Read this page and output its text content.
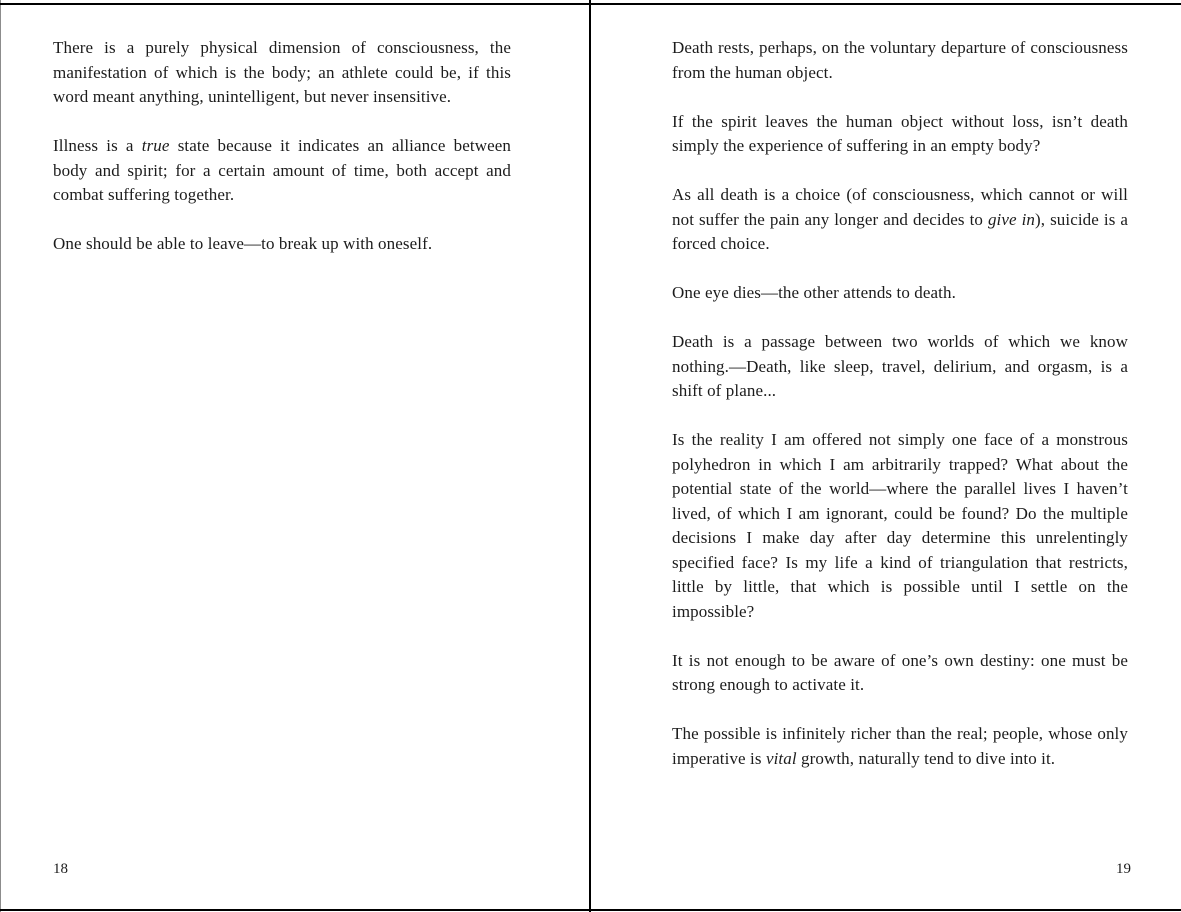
There is a purely physical dimension of consciousness, the manifestation of which is the body; an athlete could be, if this word meant anything, unintelligent, but never insensitive.

Illness is a true state because it indicates an alliance between body and spirit; for a certain amount of time, both accept and combat suffering together.

One should be able to leave—to break up with oneself.

18

Death rests, perhaps, on the voluntary departure of consciousness from the human object.

If the spirit leaves the human object without loss, isn’t death simply the experience of suffering in an empty body?

As all death is a choice (of consciousness, which cannot or will not suffer the pain any longer and decides to give in), suicide is a forced choice.

One eye dies—the other attends to death.

Death is a passage between two worlds of which we know nothing.—Death, like sleep, travel, delirium, and orgasm, is a shift of plane...

Is the reality I am offered not simply one face of a monstrous polyhedron in which I am arbitrarily trapped? What about the potential state of the world—where the parallel lives I haven’t lived, of which I am ignorant, could be found? Do the multiple decisions I make day after day determine this unrelentingly specified face? Is my life a kind of triangulation that restricts, little by little, that which is possible until I settle on the impossible?

It is not enough to be aware of one’s own destiny: one must be strong enough to activate it.

The possible is infinitely richer than the real; people, whose only imperative is vital growth, naturally tend to dive into it.

19
